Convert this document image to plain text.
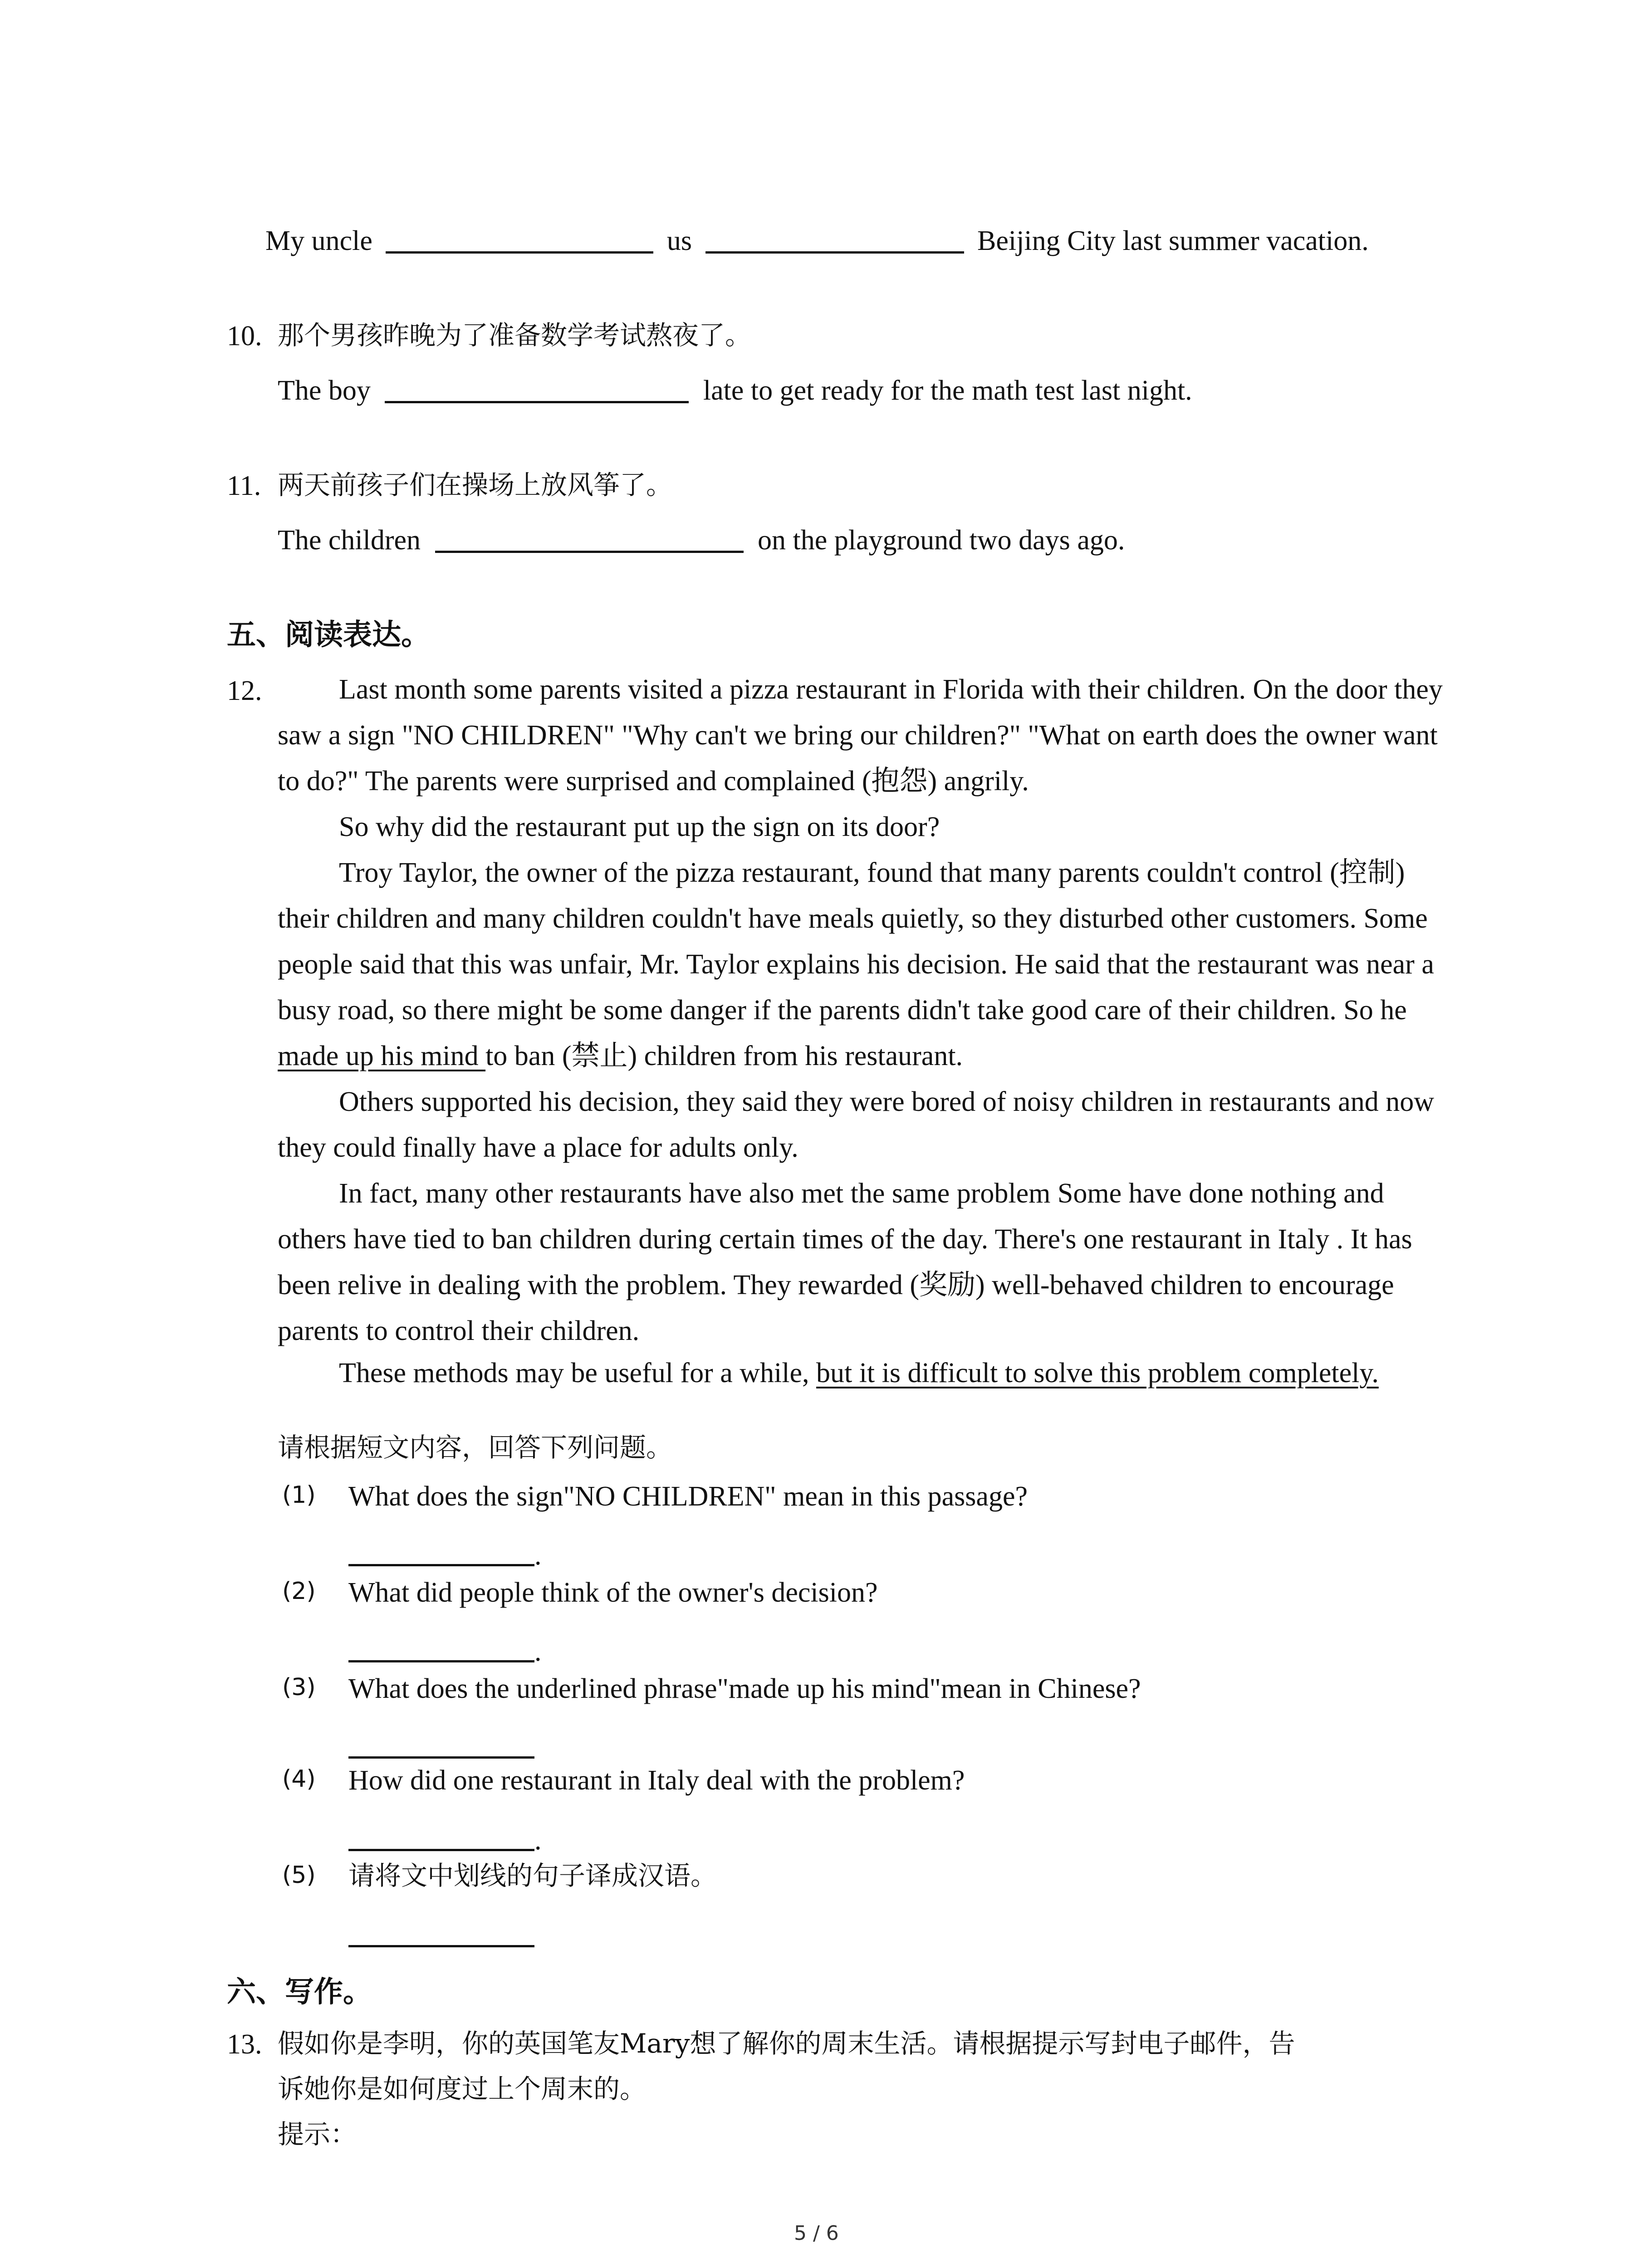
My uncle	us	Beijing City last summer vacation.
10. 那个男孩昨晚为了准备数学考试熬夜了。
The boy	late to get ready for the math test last night.
11. 两天前孩子们在操场上放风筝了。
The children	on the playground two days ago.
五、阅读表达。
12.	Last month some parents visited a pizza restaurant in Florida with their children. On the door they saw a sign "NO CHILDREN" "Why can't we bring our children?" "What on earth does the owner want to do?" The parents were surprised and complained (抱怨) angrily.
So why did the restaurant put up the sign on its door?
Troy Taylor, the owner of the pizza restaurant, found that many parents couldn't control (控制) their children and many children couldn't have meals quietly, so they disturbed other customers. Some people said that this was unfair, Mr. Taylor explains his decision. He said that the restaurant was near a busy road, so there might be some danger if the parents didn't take good care of their children. So he made up his mind to ban (禁止) children from his restaurant.
Others supported his decision, they said they were bored of noisy children in restaurants and now they could finally have a place for adults only.
In fact, many other restaurants have also met the same problem Some have done nothing and others have tied to ban children during certain times of the day. There's one restaurant in Italy . It has been relive in dealing with the problem. They rewarded (奖励) well-behaved children to encourage parents to control their children.
These methods may be useful for a while, but it is difficult to solve this problem completely.
请根据短文内容，回答下列问题。
(1) What does the sign"NO CHILDREN" mean in this passage?
.
(2) What did people think of the owner's decision?
.
(3) What does the underlined phrase"made up his mind"mean in Chinese?
(4) How did one restaurant in Italy deal with the problem?
.
(5) 请将文中划线的句子译成汉语。
六、写作。
13. 假如你是李明，你的英国笔友Mary想了解你的周末生活。请根据提示写封电子邮件，告
诉她你是如何度过上个周末的。
提示：
5 / 6
